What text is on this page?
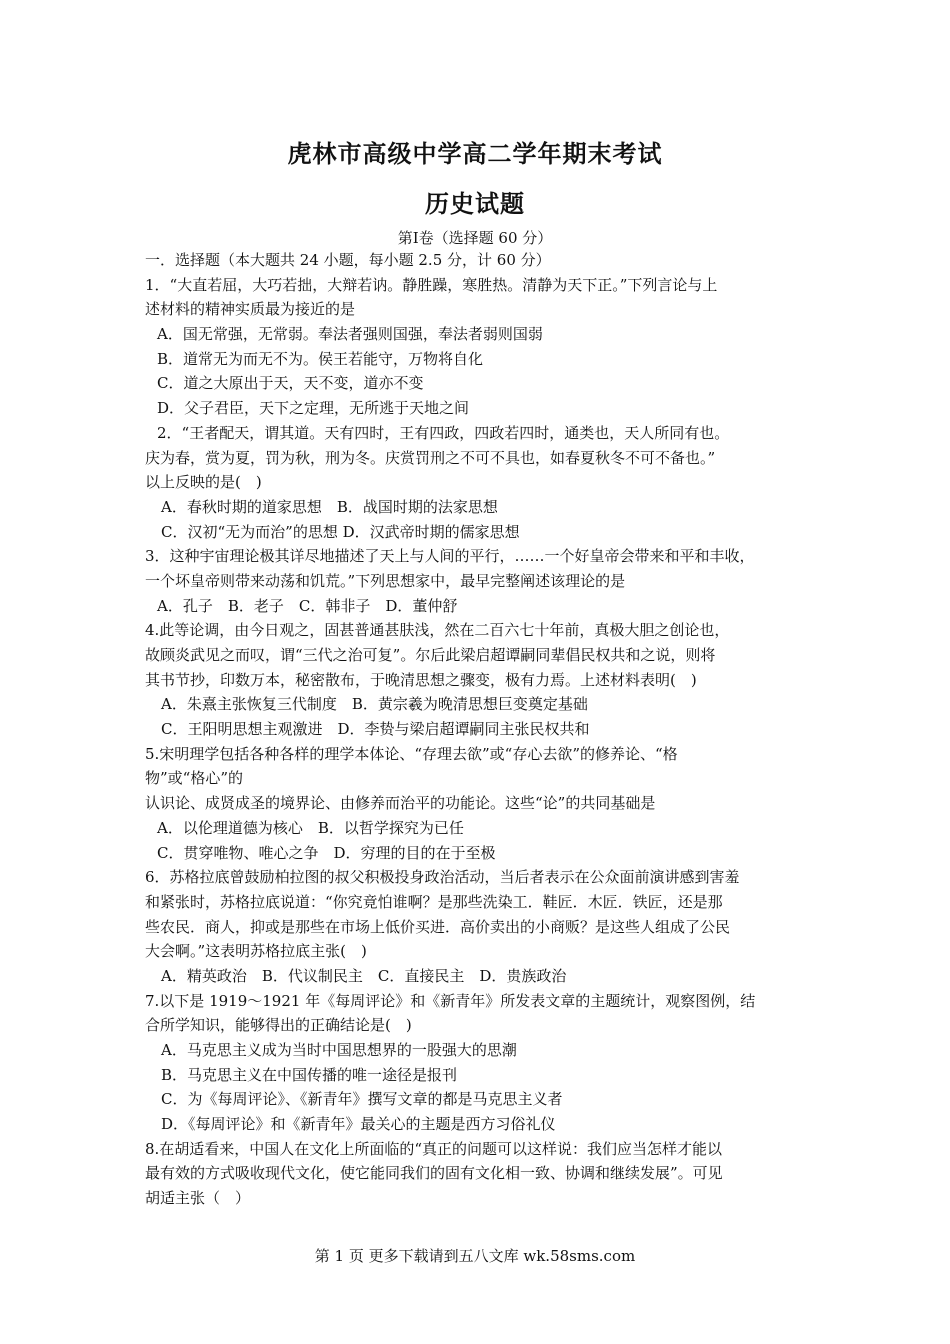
虎林市高级中学高二学年期末考试
历史试题
第Ⅰ卷（选择题 60 分）
一．选择题（本大题共 24 小题，每小题 2.5 分，计 60 分）
1．“大直若屈，大巧若拙，大辩若讷。静胜躁，寒胜热。清静为天下正。”下列言论与上
述材料的精神实质最为接近的是
A．国无常强，无常弱。奉法者强则国强，奉法者弱则国弱
B．道常无为而无不为。侯王若能守，万物将自化
C．道之大原出于天，天不变，道亦不变
D．父子君臣，天下之定理，无所逃于天地之间
2．“王者配天，谓其道。天有四时，王有四政，四政若四时，通类也，天人所同有也。
庆为春，赏为夏，罚为秋，刑为冬。庆赏罚刑之不可不具也，如春夏秋冬不可不备也。”
以上反映的是(　)
A．春秋时期的道家思想　B．战国时期的法家思想
C．汉初“无为而治”的思想 D．汉武帝时期的儒家思想
3．这种宇宙理论极其详尽地描述了天上与人间的平行，……一个好皇帝会带来和平和丰收，
一个坏皇帝则带来动荡和饥荒。”下列思想家中，最早完整阐述该理论的是
A．孔子　B．老子　C．韩非子　D．董仲舒
4.此等论调，由今日观之，固甚普通甚肤浅，然在二百六七十年前，真极大胆之创论也，
故顾炎武见之而叹，谓“三代之治可复”。尔后此梁启超谭嗣同辈倡民权共和之说，则将
其书节抄，印数万本，秘密散布，于晚清思想之骤变，极有力焉。上述材料表明(　)
A．朱熹主张恢复三代制度　B．黄宗羲为晚清思想巨变奠定基础
C．王阳明思想主观激进　D．李贽与梁启超谭嗣同主张民权共和
5.宋明理学包括各种各样的理学本体论、“存理去欲”或“存心去欲”的修养论、“格
物”或“格心”的
认识论、成贤成圣的境界论、由修养而治平的功能论。这些“论”的共同基础是
A．以伦理道德为核心　B．以哲学探究为已任
C．贯穿唯物、唯心之争　D．穷理的目的在于至极
6．苏格拉底曾鼓励柏拉图的叔父积极投身政治活动，当后者表示在公众面前演讲感到害羞
和紧张时，苏格拉底说道：“你究竟怕谁啊？是那些洗染工．鞋匠．木匠．铁匠，还是那
些农民．商人，抑或是那些在市场上低价买进．高价卖出的小商贩？是这些人组成了公民
大会啊。”这表明苏格拉底主张(　)
A．精英政治　B．代议制民主　C．直接民主　D．贵族政治
7.以下是 1919～1921 年《每周评论》和《新青年》所发表文章的主题统计，观察图例，结
合所学知识，能够得出的正确结论是(　)
A．马克思主义成为当时中国思想界的一股强大的思潮
B．马克思主义在中国传播的唯一途径是报刊
C．为《每周评论》、《新青年》撰写文章的都是马克思主义者
D．《每周评论》和《新青年》最关心的主题是西方习俗礼仪
8.在胡适看来，中国人在文化上所面临的“真正的问题可以这样说：我们应当怎样才能以
最有效的方式吸收现代文化，使它能同我们的固有文化相一致、协调和继续发展”。可见
胡适主张（　）
第 1 页 更多下载请到五八文库 wk.58sms.com
